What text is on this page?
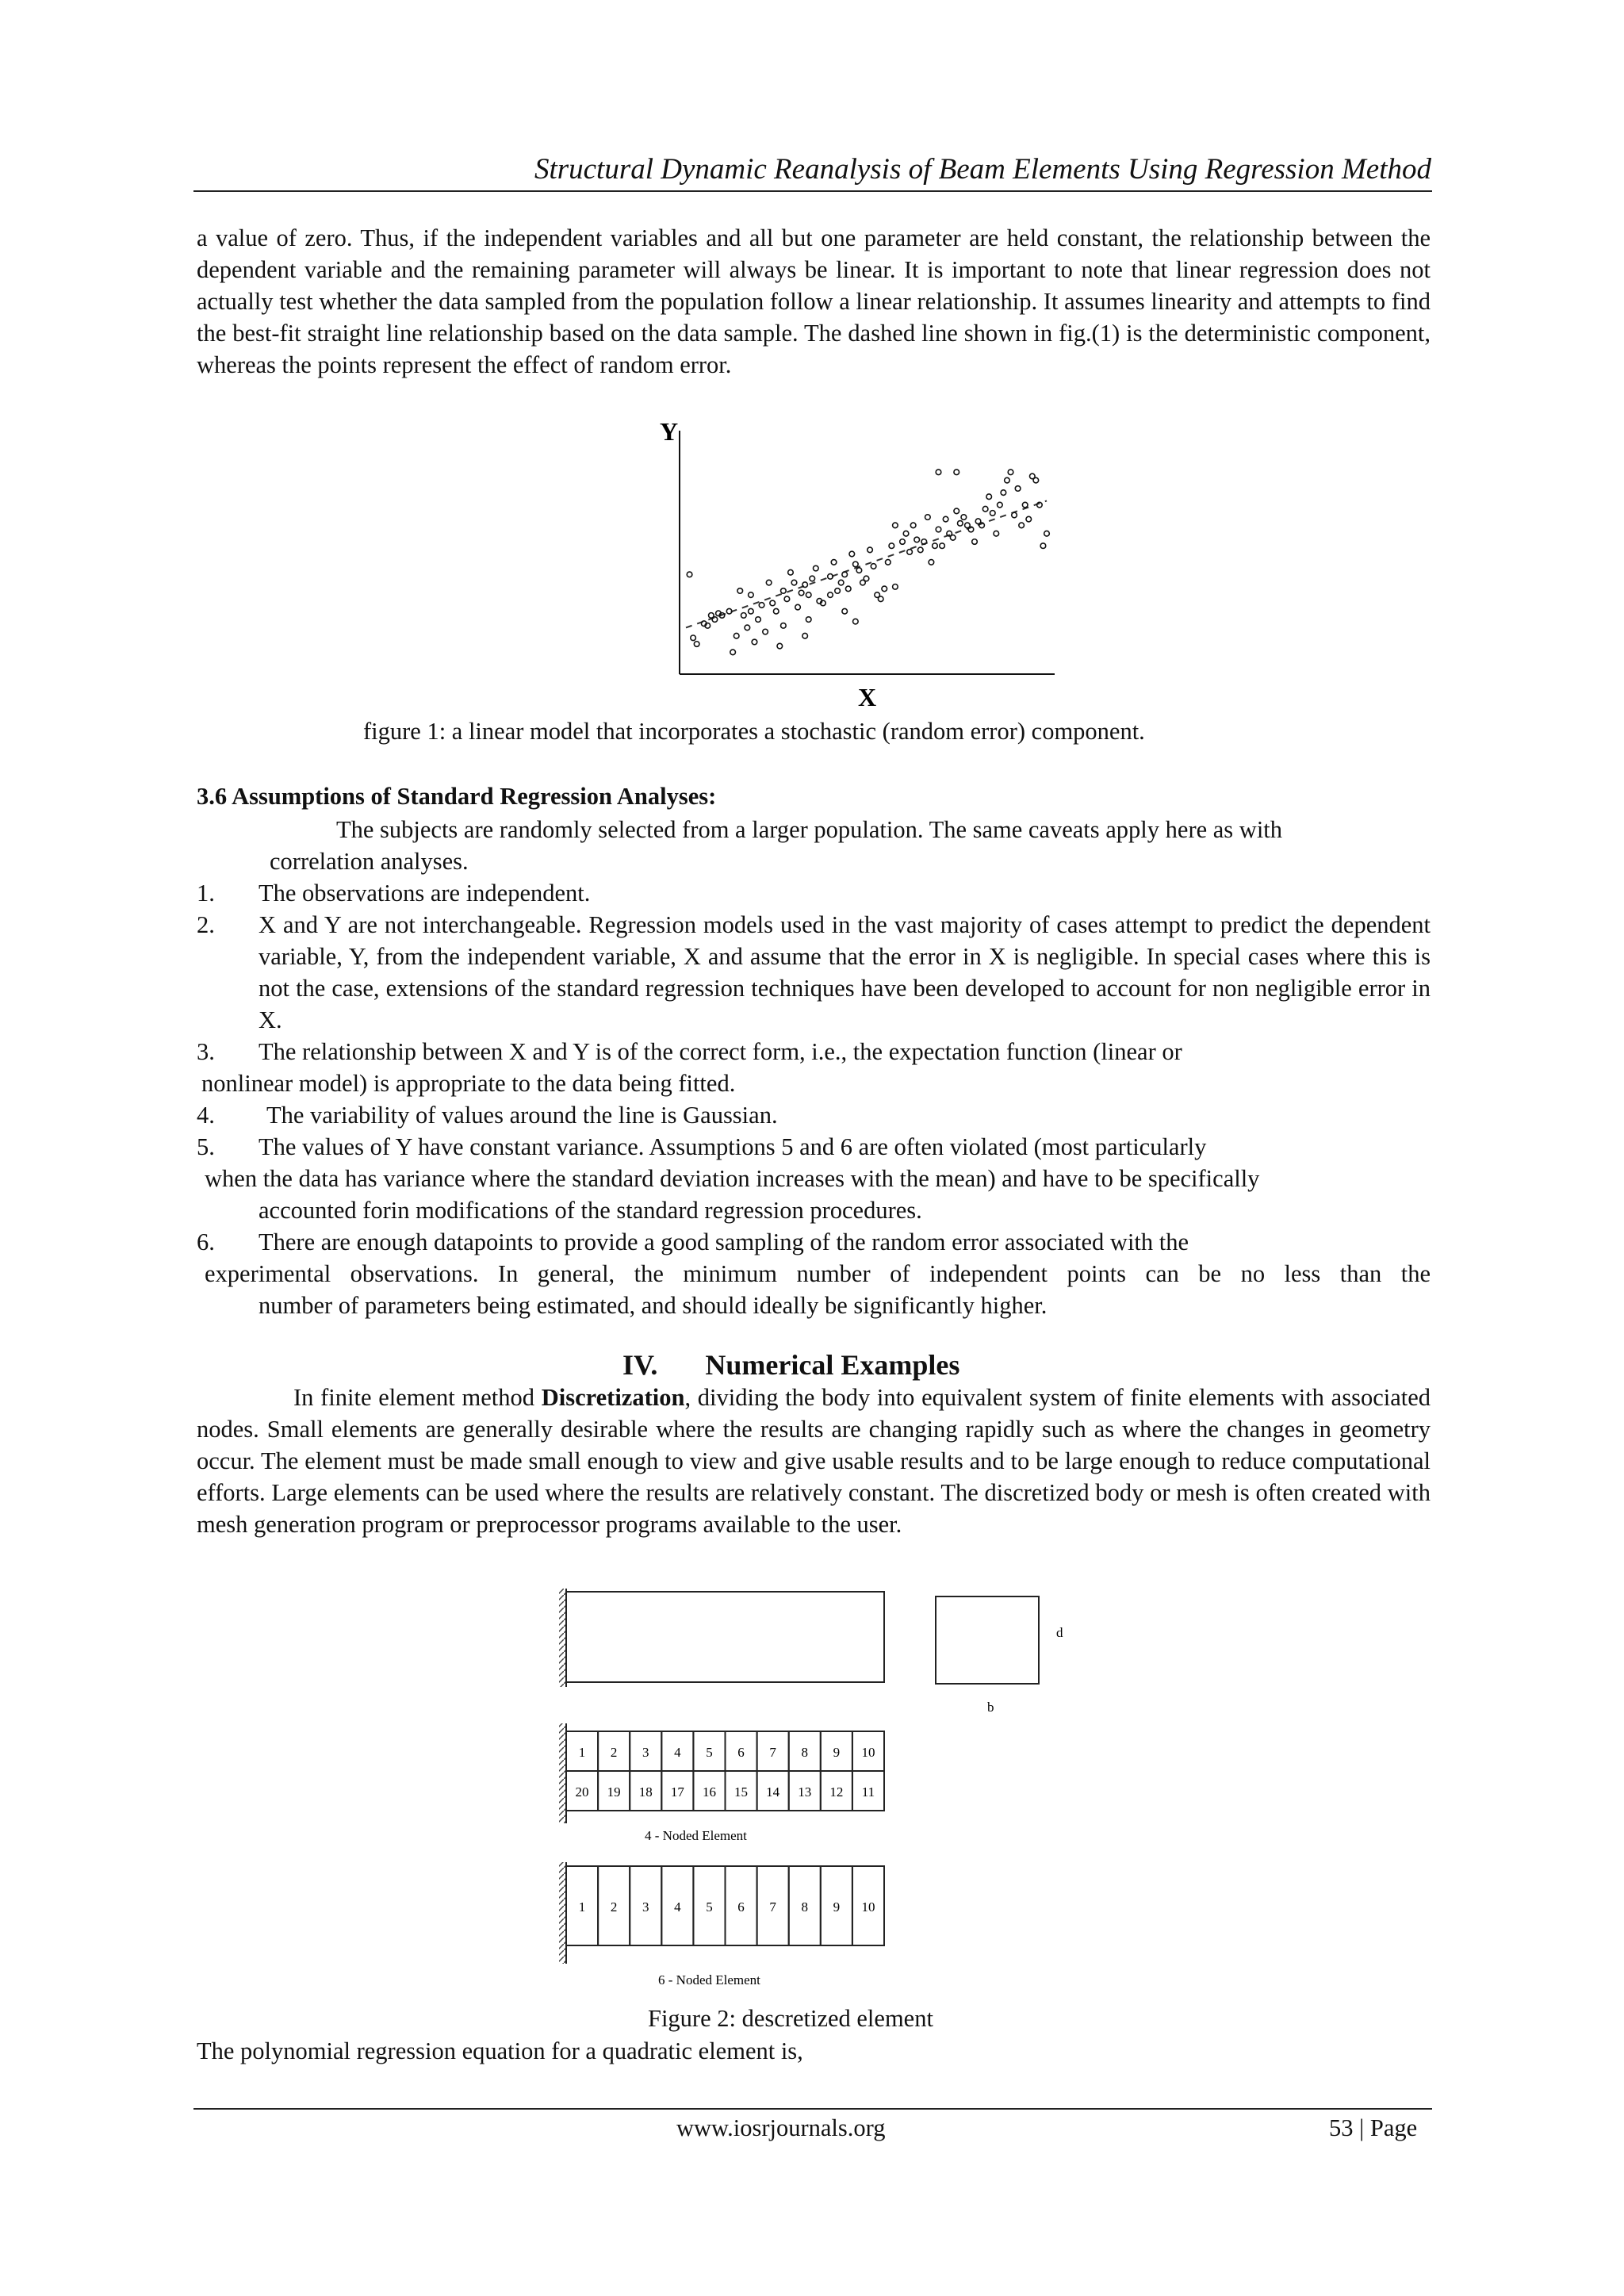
Structural Dynamic Reanalysis of Beam Elements Using Regression Method

a value of zero. Thus, if the independent variables and all but one parameter are held constant, the relationship between the dependent variable and the remaining parameter will always be linear. It is important to note that linear regression does not actually test whether the data sampled from the population follow a linear relationship. It assumes linearity and attempts to find the best-fit straight line relationship based on the data sample. The dashed line shown in fig.(1) is the deterministic component, whereas the points represent the effect of random error.

Y
X
figure 1: a linear model that incorporates a stochastic (random error) component.
3.6 Assumptions of Standard Regression Analyses:
The subjects are randomly selected from a larger population. The same caveats apply here as with
correlation analyses.
1. The observations are independent.
2. X and Y are not interchangeable. Regression models used in the vast majority of cases attempt to predict the dependent variable, Y, from the independent variable, X and assume that the error in X is negligible. In special cases where this is not the case, extensions of the standard regression techniques have been developed to account for non negligible error in X.
3. The relationship between X and Y is of the correct form, i.e., the expectation function (linear or
nonlinear model) is appropriate to the data being fitted.
4. The variability of values around the line is Gaussian.
5. The values of Y have constant variance. Assumptions 5 and 6 are often violated (most particularly
when the data has variance where the standard deviation increases with the mean) and have to be specifically
accounted forin modifications of the standard regression procedures.
6. There are enough datapoints to provide a good sampling of the random error associated with the
experimental observations. In general, the minimum number of independent points can be no less than the
number of parameters being estimated, and should ideally be significantly higher.
IV. Numerical Examples

In finite element method Discretization, dividing the body into equivalent system of finite elements with associated nodes. Small elements are generally desirable where the results are changing rapidly such as where the changes in geometry occur. The element must be made small enough to view and give usable results and to be large enough to reduce computational efforts. Large elements can be used where the results are relatively constant. The discretized body or mesh is often created with mesh generation program or preprocessor programs available to the user.

d
b
1 2 3 4 5 6 7 8 9 10
20 19 18 17 16 15 14 13 12 11
4 - Noded Element
1 2 3 4 5 6 7 8 9 10
6 - Noded Element
Figure 2: descretized element
The polynomial regression equation for a quadratic element is,
www.iosrjournals.org	53 | Page
